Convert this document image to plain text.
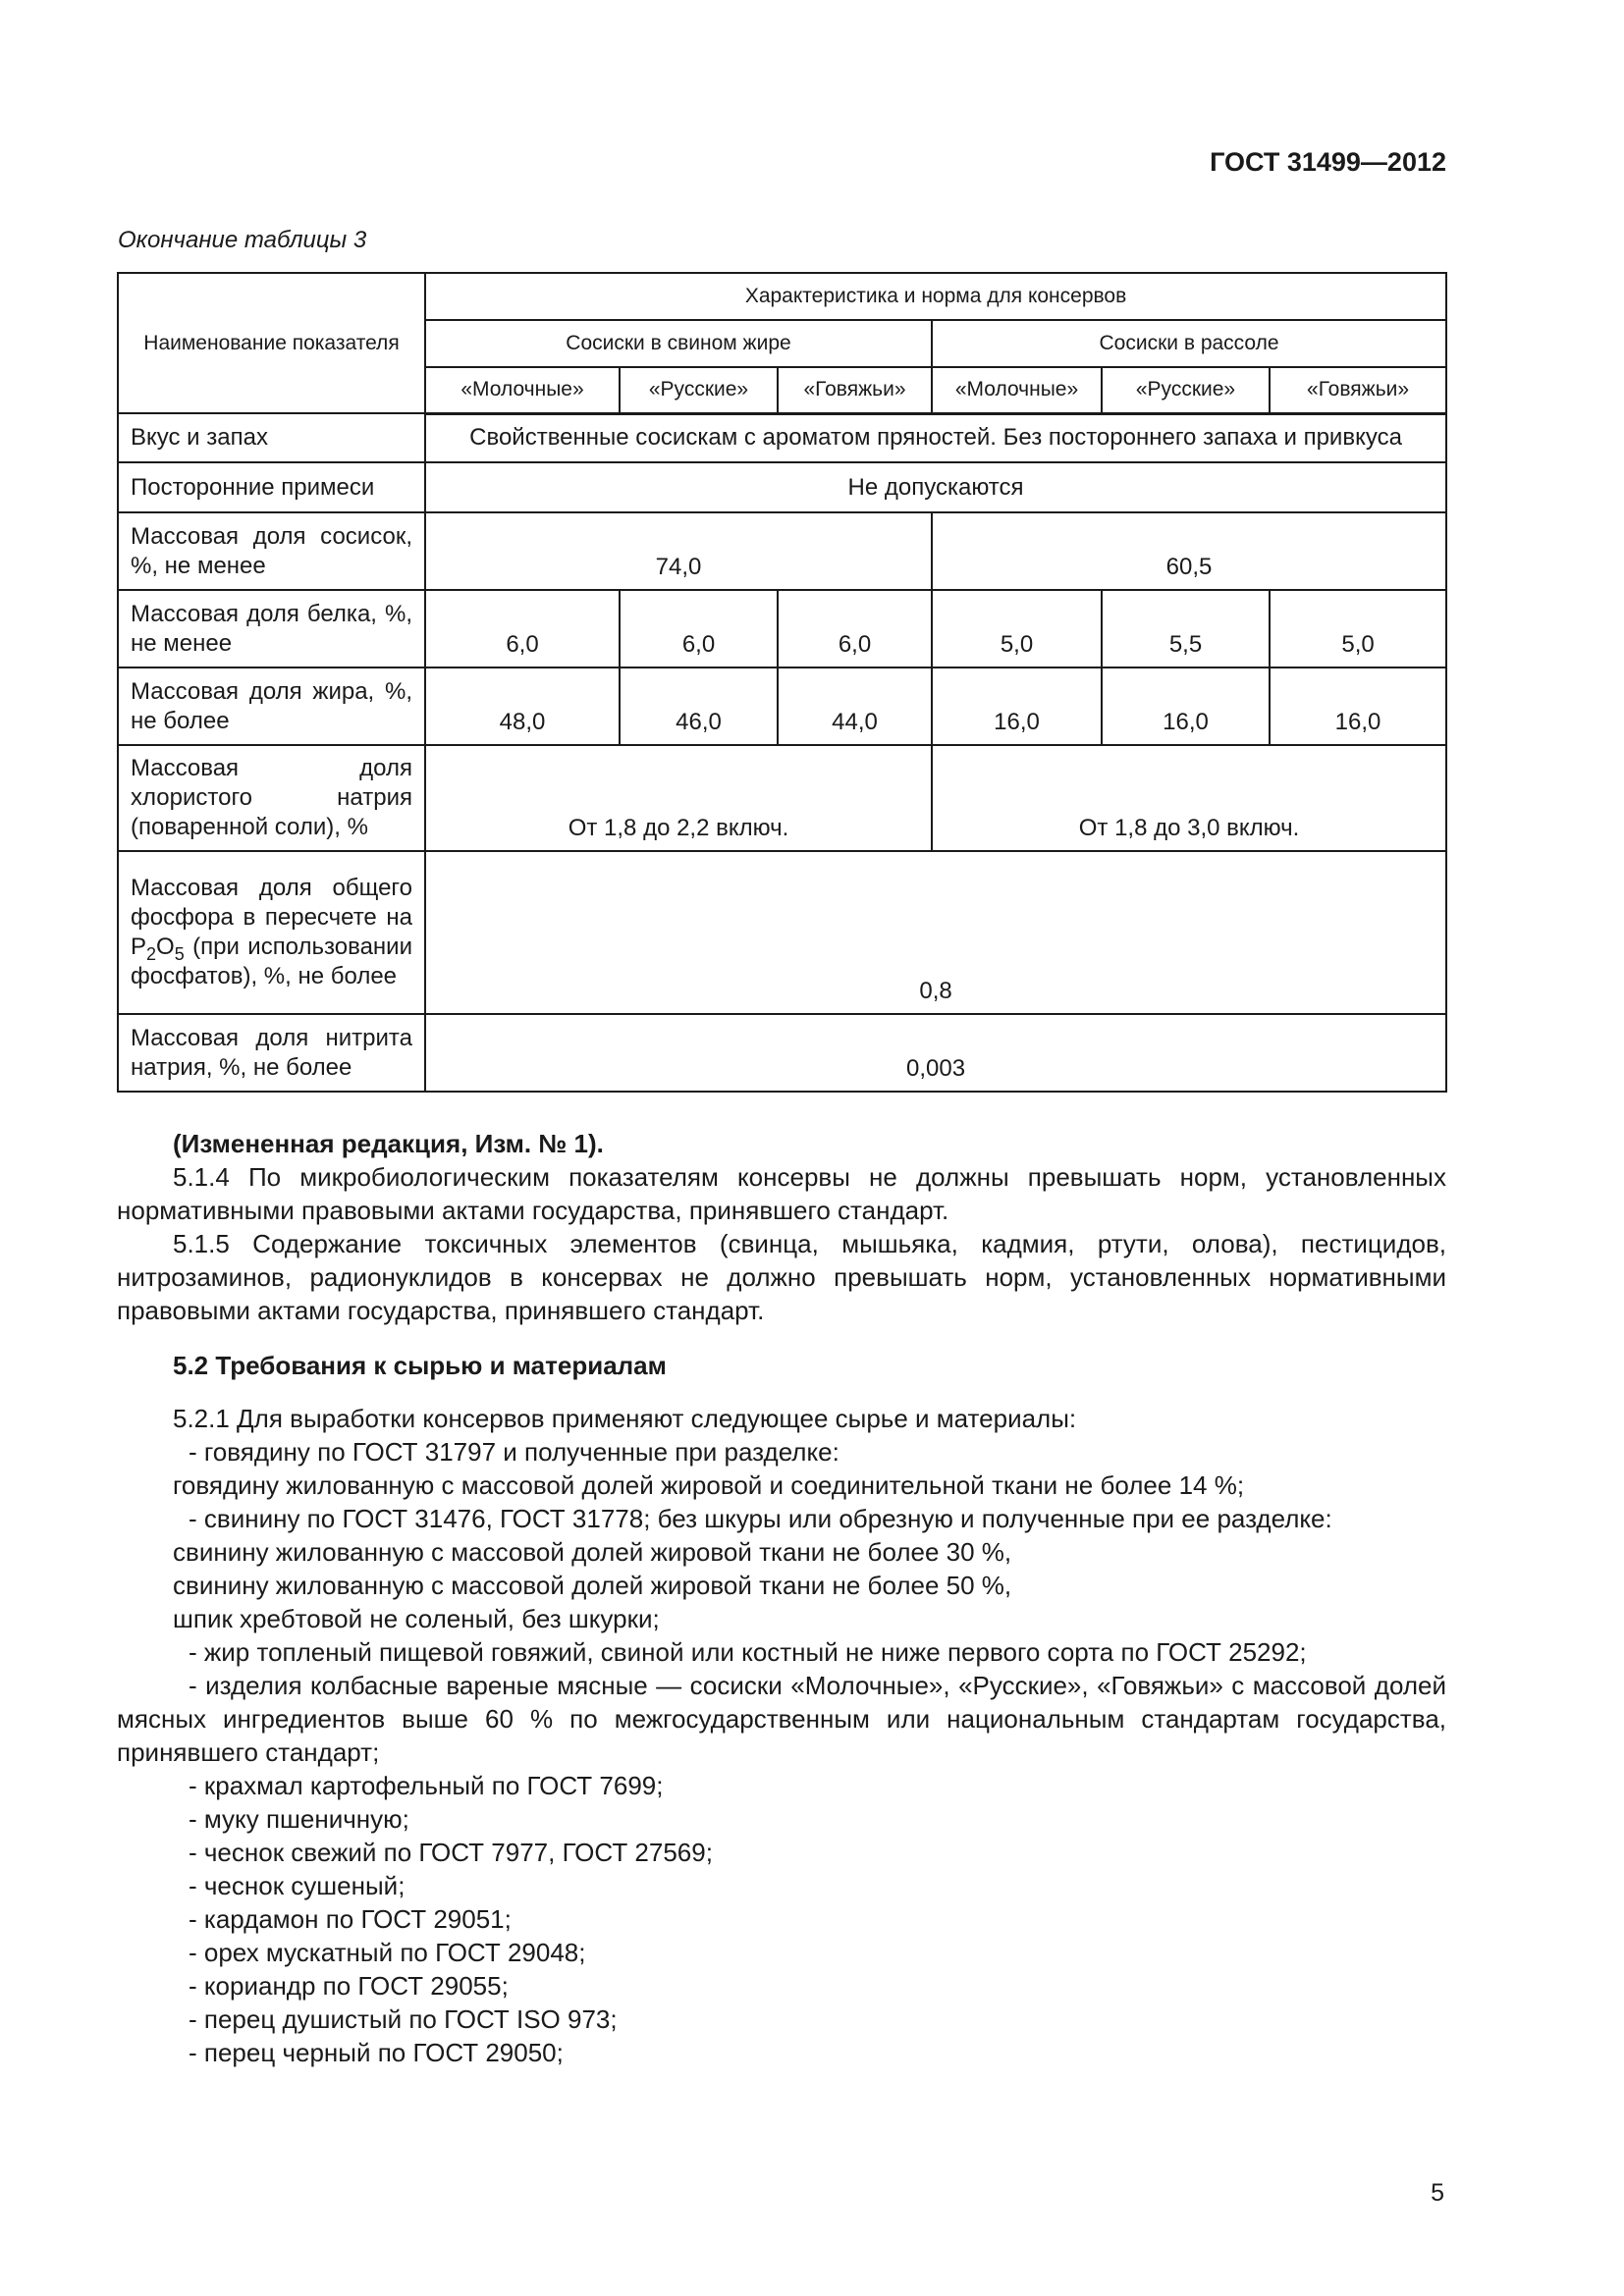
ГОСТ 31499—2012
Окончание таблицы 3
Наименование показателя	Характеристика и норма для консервов					
	Сосиски в свином жире			Сосиски в рассоле		
	«Молочные»	«Русские»	«Говяжьи»	«Молочные»	«Русские»	«Говяжьи»
Вкус и запах	Свойственные сосискам с ароматом пряностей. Без постороннего запаха и привкуса					
Посторонние примеси	Не допускаются					
Массовая доля сосисок, %, не менее	74,0			60,5		
Массовая доля белка, %, не менее	6,0	6,0	6,0	5,0	5,5	5,0
Массовая доля жира, %, не более	48,0	46,0	44,0	16,0	16,0	16,0
Массовая доля хлористого натрия (поваренной соли), %	От 1,8 до 2,2 включ.			От 1,8 до 3,0 включ.		
Массовая доля общего фосфора в пересчете на $P_2O_5$ (при использовании фосфатов), %, не более	0,8					
Массовая доля нитрита натрия, %, не более	0,003					

(Измененная редакция, Изм. № 1).

5.1.4 По микробиологическим показателям консервы не должны превышать норм, установленных нормативными правовыми актами государства, принявшего стандарт.

5.1.5 Содержание токсичных элементов (свинца, мышьяка, кадмия, ртути, олова), пестицидов, нитрозаминов, радионуклидов в консервах не должно превышать норм, установленных нормативными правовыми актами государства, принявшего стандарт.

5.2 Требования к сырью и материалам

5.2.1 Для выработки консервов применяют следующее сырье и материалы:

- говядину по ГОСТ 31797 и полученные при разделке:

говядину жилованную с массовой долей жировой и соединительной ткани не более 14 %;

- свинину по ГОСТ 31476, ГОСТ 31778; без шкуры или обрезную и полученные при ее разделке:

свинину жилованную с массовой долей жировой ткани не более 30 %,

свинину жилованную с массовой долей жировой ткани не более 50 %,

шпик хребтовой не соленый, без шкурки;

- жир топленый пищевой говяжий, свиной или костный не ниже первого сорта по ГОСТ 25292;

- изделия колбасные вареные мясные — сосиски «Молочные», «Русские», «Говяжьи» с массовой долей мясных ингредиентов выше 60 % по межгосударственным или национальным стандартам государства, принявшего стандарт;

- крахмал картофельный по ГОСТ 7699;

- муку пшеничную;

- чеснок свежий по ГОСТ 7977, ГОСТ 27569;

- чеснок сушеный;

- кардамон по ГОСТ 29051;

- орех мускатный по ГОСТ 29048;

- кориандр по ГОСТ 29055;

- перец душистый по ГОСТ ISO 973;

- перец черный по ГОСТ 29050;

5
